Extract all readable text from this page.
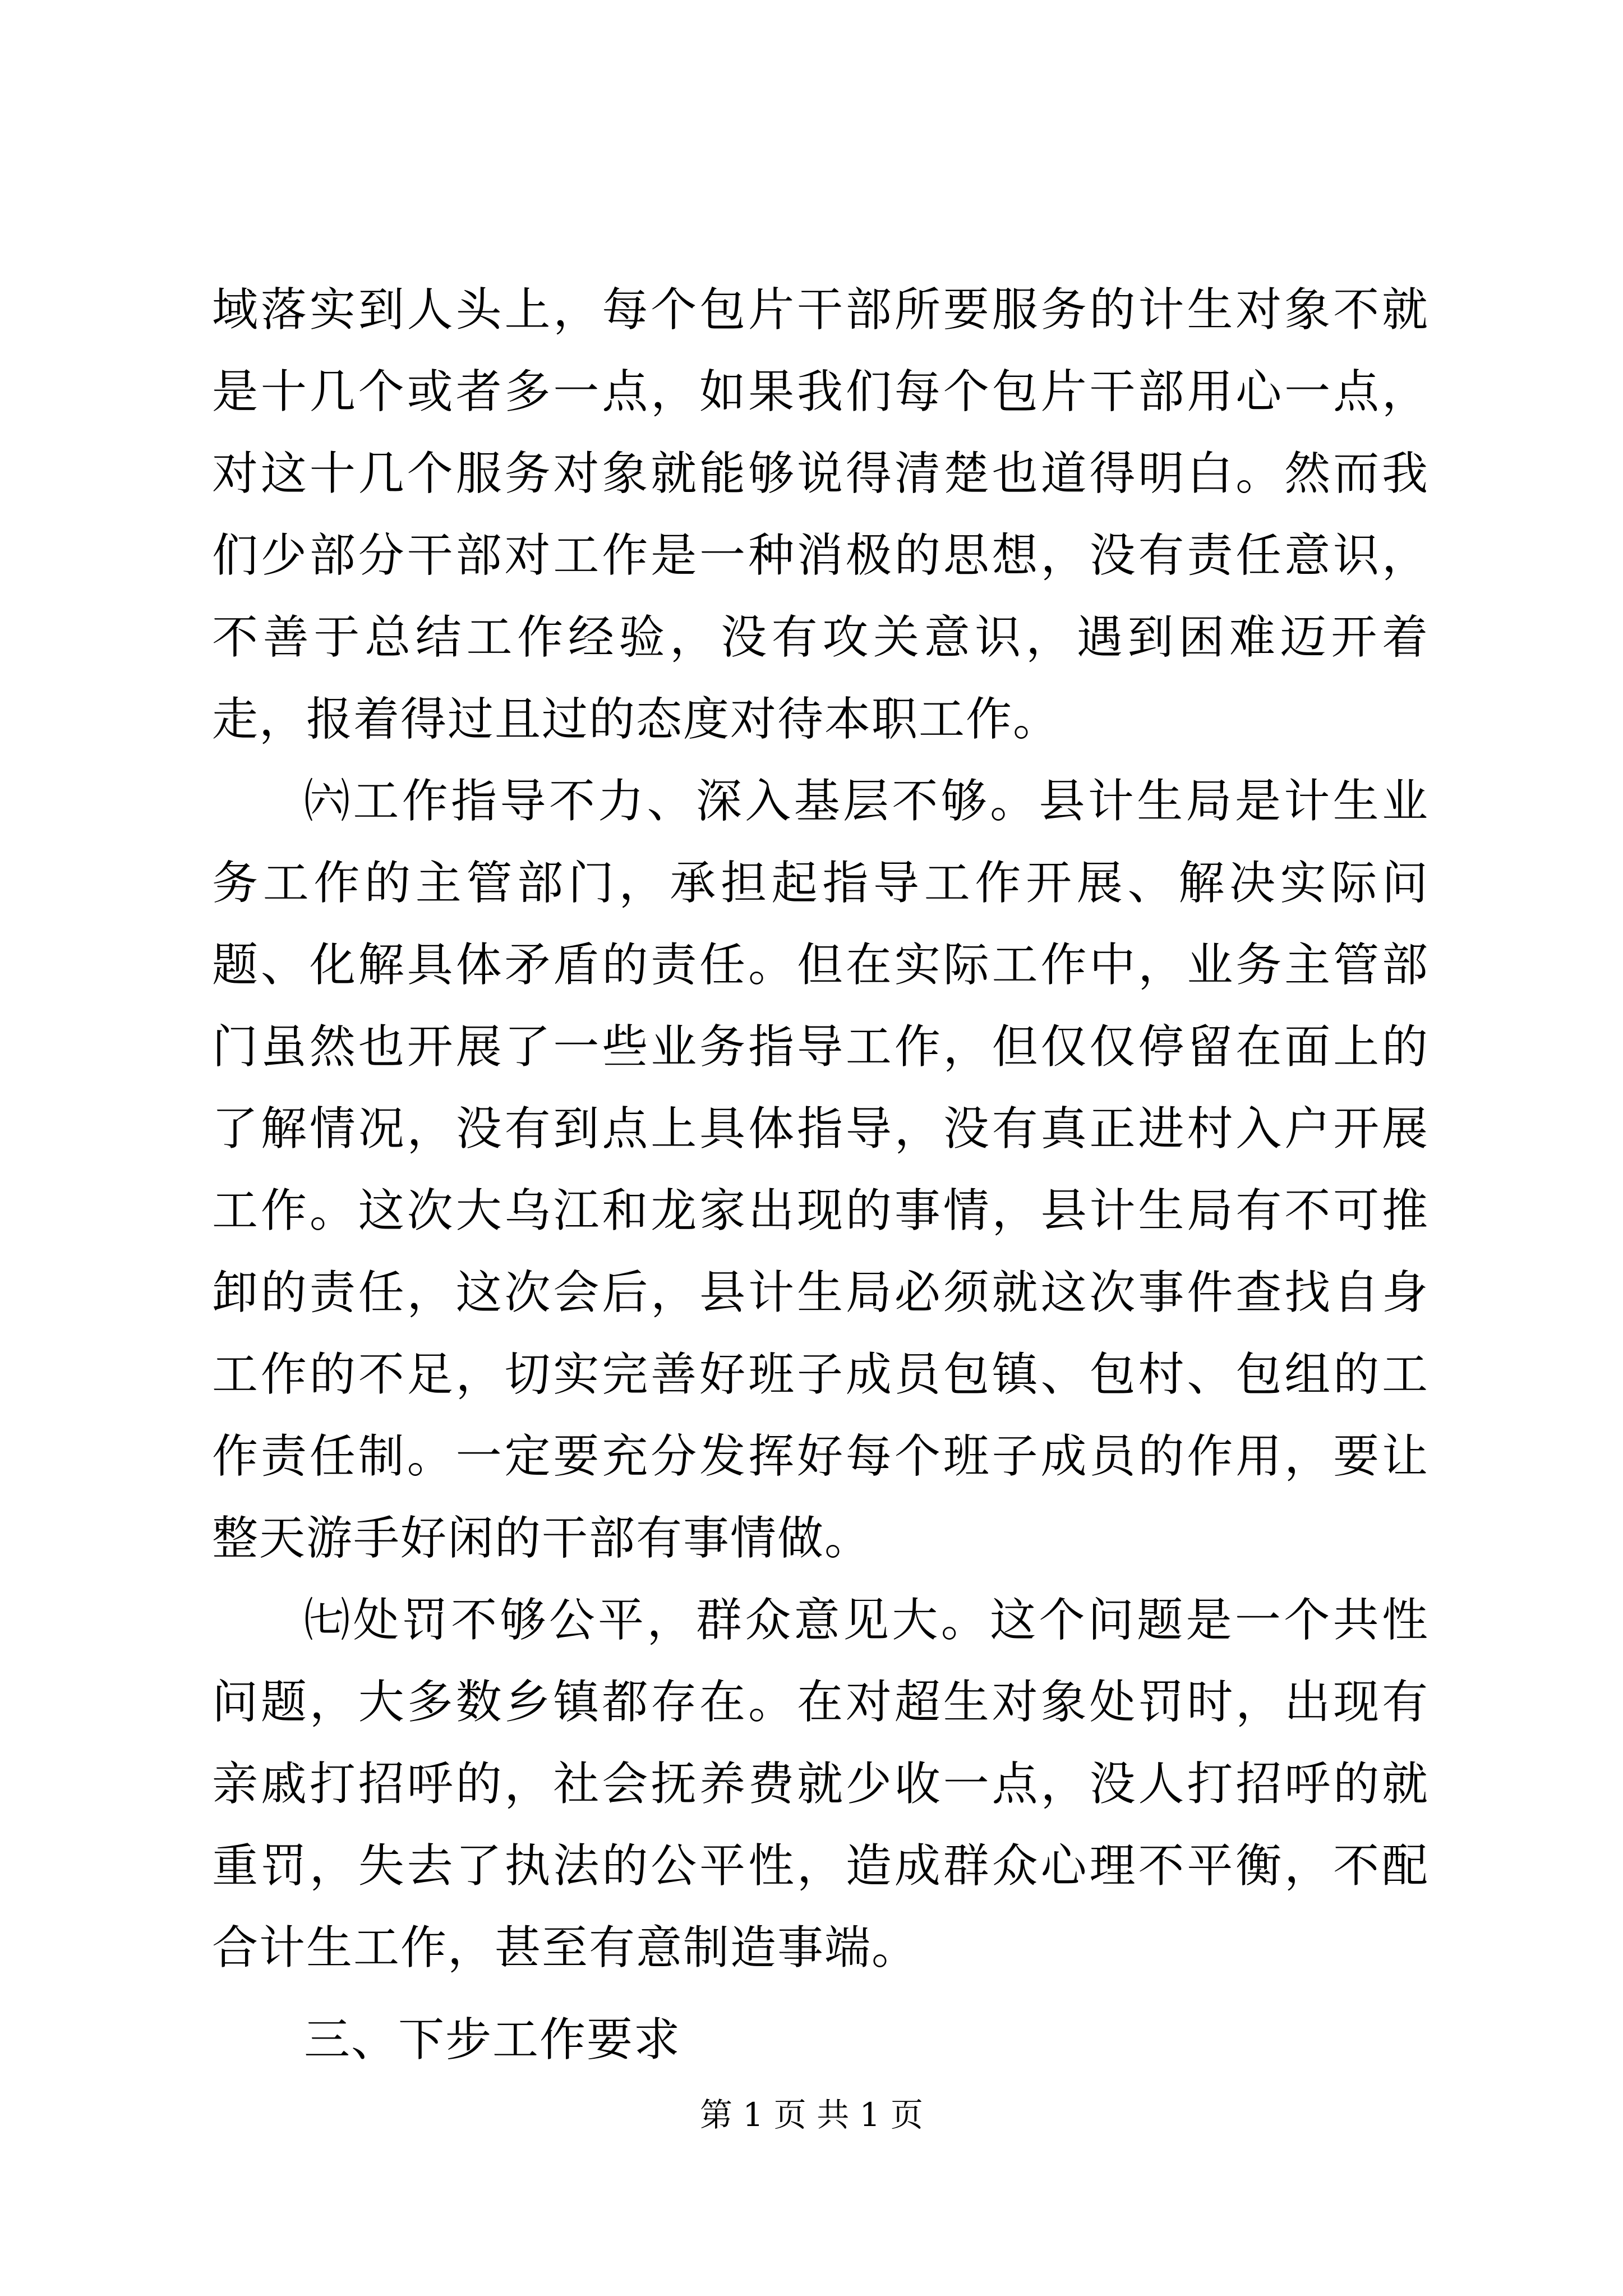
域落实到人头上，每个包片干部所要服务的计生对象不就是十几个或者多一点，如果我们每个包片干部用心一点，对这十几个服务对象就能够说得清楚也道得明白。然而我们少部分干部对工作是一种消极的思想，没有责任意识，不善于总结工作经验，没有攻关意识，遇到困难迈开着走，报着得过且过的态度对待本职工作。

㈥工作指导不力、深入基层不够。县计生局是计生业务工作的主管部门，承担起指导工作开展、解决实际问题、化解具体矛盾的责任。但在实际工作中，业务主管部门虽然也开展了一些业务指导工作，但仅仅停留在面上的了解情况，没有到点上具体指导，没有真正进村入户开展工作。这次大乌江和龙家出现的事情，县计生局有不可推卸的责任，这次会后，县计生局必须就这次事件查找自身工作的不足，切实完善好班子成员包镇、包村、包组的工作责任制。一定要充分发挥好每个班子成员的作用，要让整天游手好闲的干部有事情做。

㈦处罚不够公平，群众意见大。这个问题是一个共性问题，大多数乡镇都存在。在对超生对象处罚时，出现有亲戚打招呼的，社会抚养费就少收一点，没人打招呼的就重罚，失去了执法的公平性，造成群众心理不平衡，不配合计生工作，甚至有意制造事端。

三、下步工作要求

第 1 页 共 1 页
